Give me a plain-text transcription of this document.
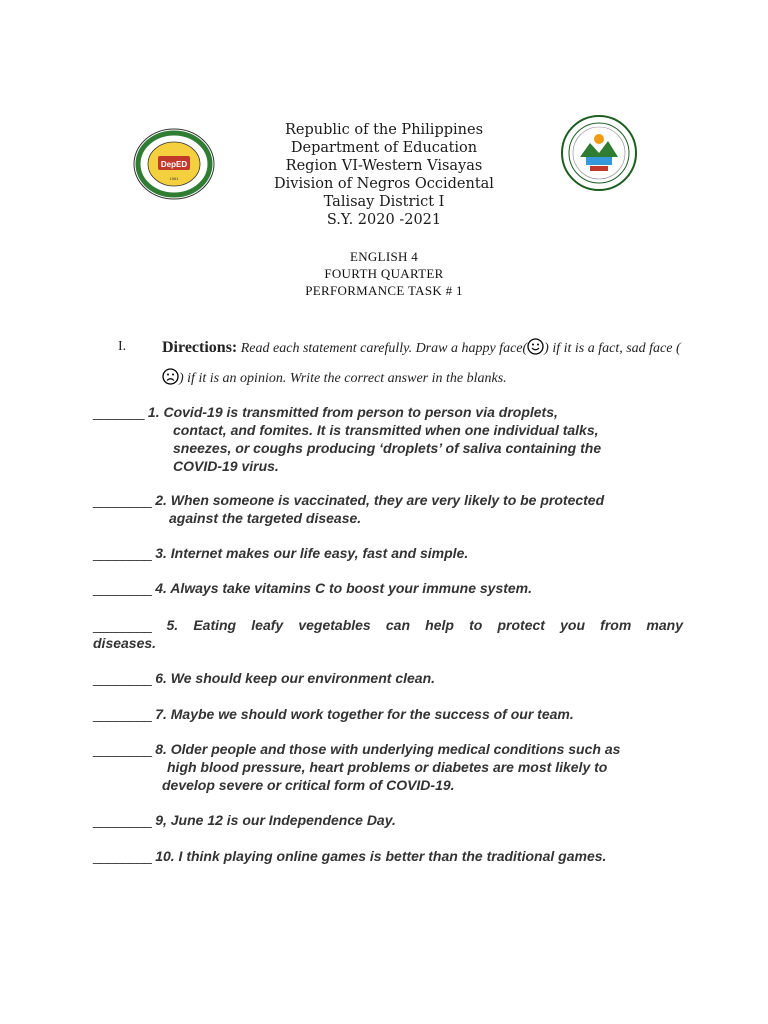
DepED
1961
Republic of the Philippines
Department of Education
Region VI-Western Visayas
Division of Negros Occidental
Talisay District I
S.Y. 2020 -2021
ENGLISH 4
FOURTH QUARTER
PERFORMANCE TASK # 1
I. Directions: Read each statement carefully. Draw a happy face( ) if it is a fact, sad face () if it is an opinion. Write the correct answer in the blanks.
_______ 1. Covid-19 is transmitted from person to person via droplets,
contact, and fomites. It is transmitted when one individual talks,
sneezes, or coughs producing ‘droplets’ of saliva containing the
COVID-19 virus.
________ 2. When someone is vaccinated, they are very likely to be protected
against the targeted disease.
________ 3. Internet makes our life easy, fast and simple.
________ 4. Always take vitamins C to boost your immune system.
________ 5. Eating leafy vegetables can help to protect you from many
diseases.
________ 6. We should keep our environment clean.
________ 7. Maybe we should work together for the success of our team.
________ 8. Older people and those with underlying medical conditions such as
high blood pressure, heart problems or diabetes are most likely to
develop severe or critical form of COVID-19.
________ 9, June 12 is our Independence Day.
________ 10. I think playing online games is better than the traditional games.
